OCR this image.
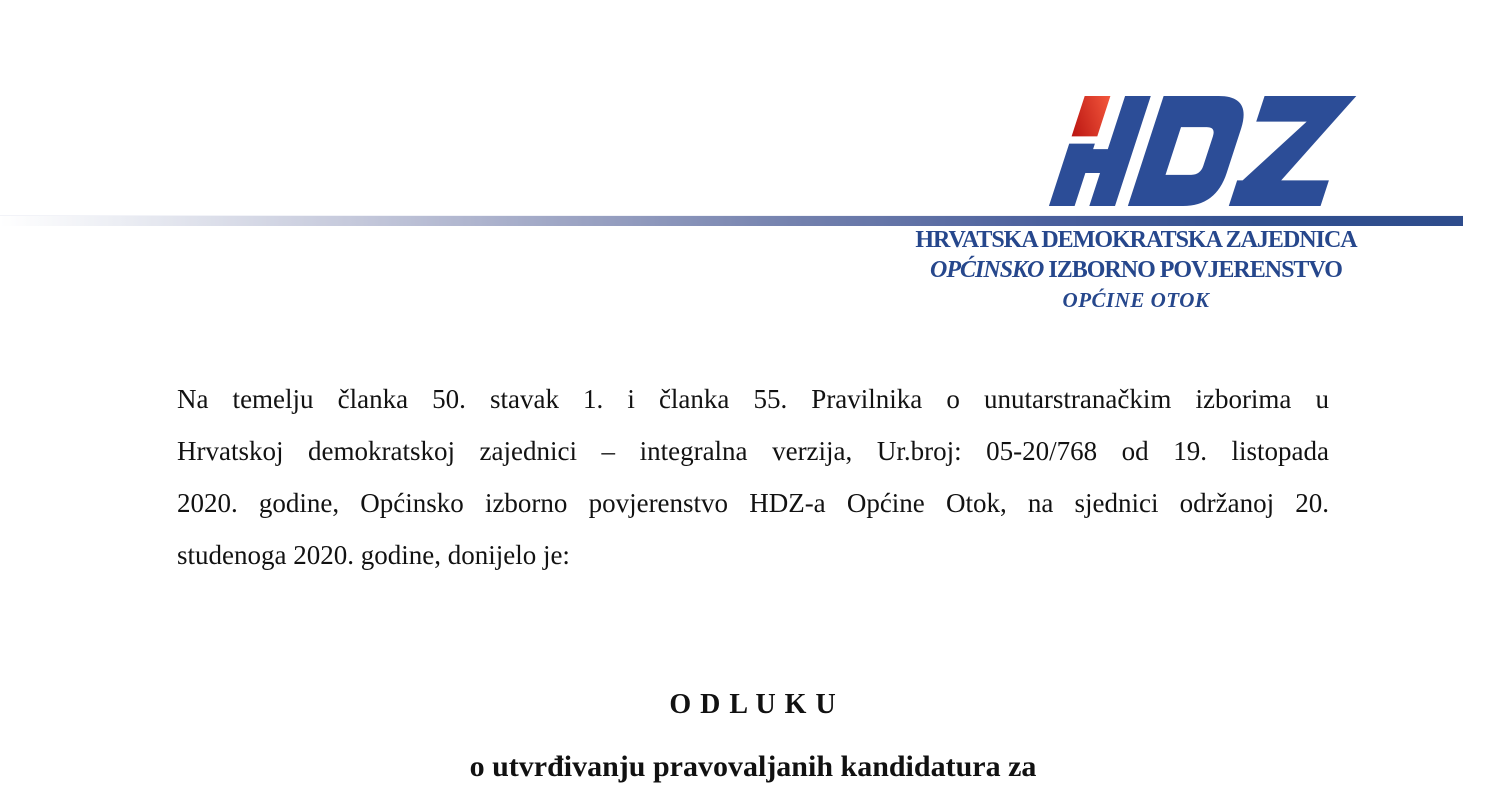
HRVATSKA DEMOKRATSKA ZAJEDNICA
OPĆINSKO IZBORNO POVJERENSTVO
OPĆINE OTOK
Na temelju članka 50. stavak 1. i članka 55. Pravilnika o unutarstranačkim izborima u
Hrvatskoj demokratskoj zajednici – integralna verzija, Ur.broj: 05-20/768 od 19. listopada
2020. godine, Općinsko izborno povjerenstvo HDZ-a Općine Otok, na sjednici održanoj 20.
studenoga 2020. godine, donijelo je:
O D L U K U
o utvrđivanju pravovaljanih kandidatura za
